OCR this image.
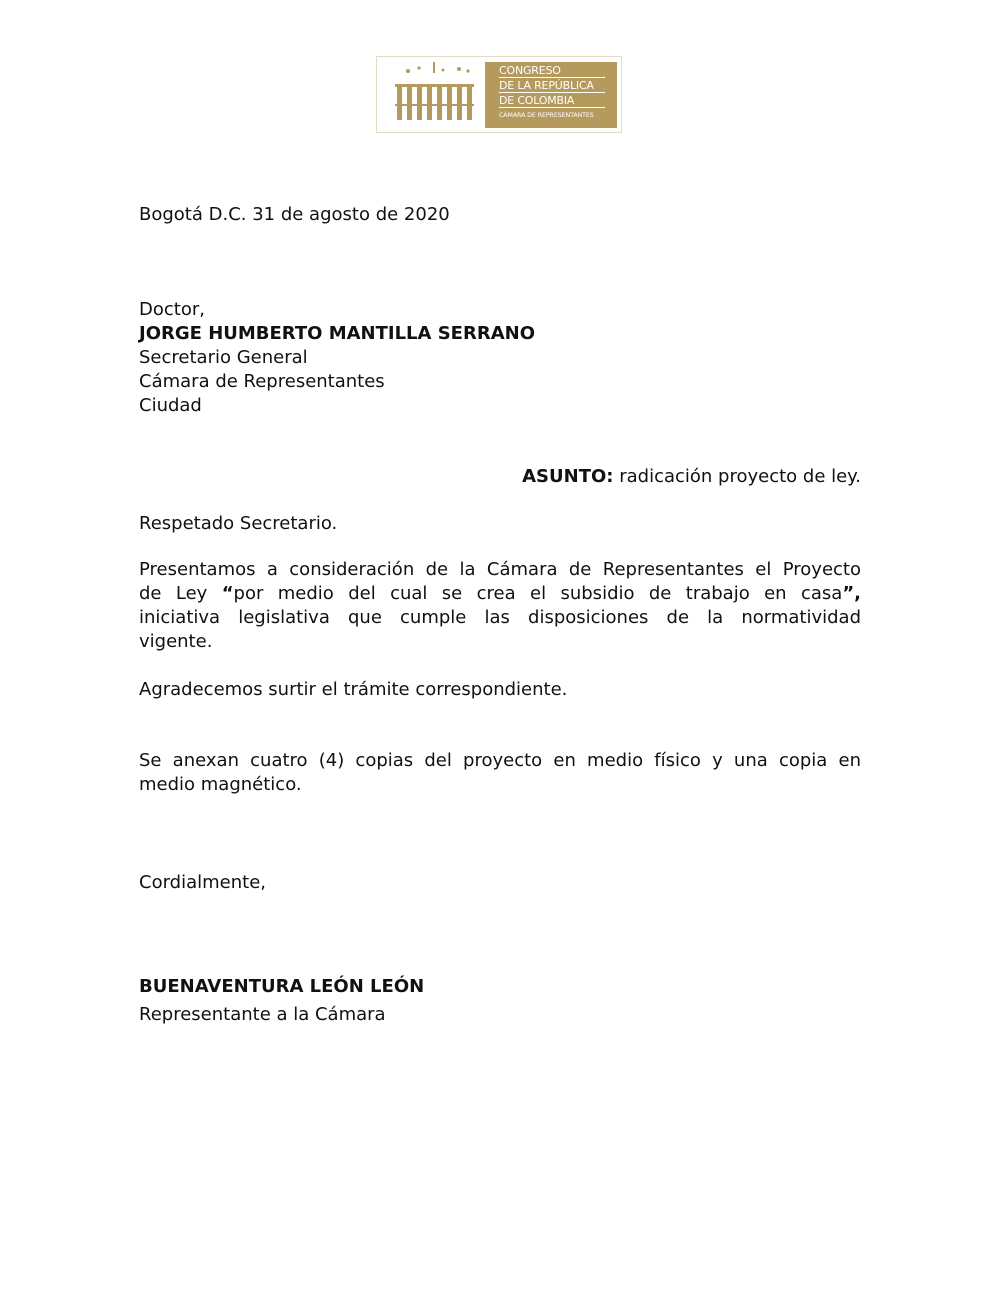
CONGRESO
DE LA REPÚBLICA
DE COLOMBIA
CÁMARA DE REPRESENTANTES
Bogotá D.C. 31 de agosto de 2020
Doctor,
JORGE HUMBERTO MANTILLA SERRANO
Secretario General
Cámara de Representantes
Ciudad
ASUNTO: radicación proyecto de ley.
Respetado Secretario.
Presentamos a consideración de la Cámara de Representantes el Proyecto
de Ley “por medio del cual se crea el subsidio de trabajo en casa”,
iniciativa legislativa que cumple las disposiciones de la normatividad
vigente.
Agradecemos surtir el trámite correspondiente.
Se anexan cuatro (4) copias del proyecto en medio físico y una copia en
medio magnético.
Cordialmente,
BUENAVENTURA LEÓN LEÓN
Representante a la Cámara
